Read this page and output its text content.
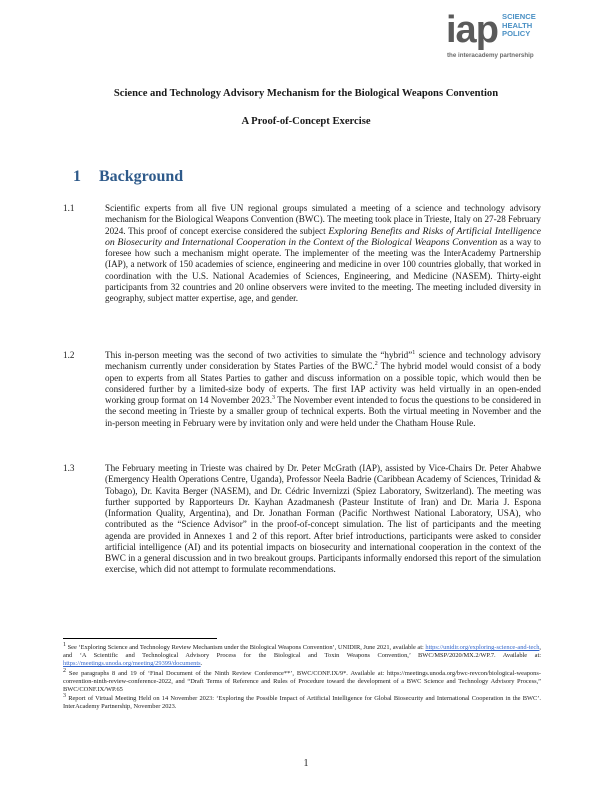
iap SCIENCE
HEALTH
POLICY
the interacademy partnership
Science and Technology Advisory Mechanism for the Biological Weapons Convention
A Proof-of-Concept Exercise
1 Background
1.1	Scientific experts from all five UN regional groups simulated a meeting of a science and technology advisory mechanism for the Biological Weapons Convention (BWC). The meeting took place in Trieste, Italy on 27-28 February 2024. This proof of concept exercise considered the subject Exploring Benefits and Risks of Artificial Intelligence on Biosecurity and International Cooperation in the Context of the Biological Weapons Convention as a way to foresee how such a mechanism might operate. The implementer of the meeting was the InterAcademy Partnership (IAP), a network of 150 academies of science, engineering and medicine in over 100 countries globally, that worked in coordination with the U.S. National Academies of Sciences, Engineering, and Medicine (NASEM). Thirty-eight participants from 32 countries and 20 online observers were invited to the meeting. The meeting included diversity in geography, subject matter expertise, age, and gender.
1.2	This in-person meeting was the second of two activities to simulate the “hybrid”$^1$ science and technology advisory mechanism currently under consideration by States Parties of the BWC.$^2$ The hybrid model would consist of a body open to experts from all States Parties to gather and discuss information on a possible topic, which would then be considered further by a limited-size body of experts. The first IAP activity was held virtually in an open-ended working group format on 14 November 2023.$^3$ The November event intended to focus the questions to be considered in the second meeting in Trieste by a smaller group of technical experts. Both the virtual meeting in November and the in-person meeting in February were by invitation only and were held under the Chatham House Rule.
1.3	The February meeting in Trieste was chaired by Dr. Peter McGrath (IAP), assisted by Vice-Chairs Dr. Peter Ahabwe (Emergency Health Operations Centre, Uganda), Professor Neela Badrie (Caribbean Academy of Sciences, Trinidad & Tobago), Dr. Kavita Berger (NASEM), and Dr. Cédric Invernizzi (Spiez Laboratory, Switzerland). The meeting was further supported by Rapporteurs Dr. Kayhan Azadmanesh (Pasteur Institute of Iran) and Dr. Maria J. Espona (Information Quality, Argentina), and Dr. Jonathan Forman (Pacific Northwest National Laboratory, USA), who contributed as the “Science Advisor” in the proof-of-concept simulation. The list of participants and the meeting agenda are provided in Annexes 1 and 2 of this report. After brief introductions, participants were asked to consider artificial intelligence (AI) and its potential impacts on biosecurity and international cooperation in the context of the BWC in a general discussion and in two breakout groups. Participants informally endorsed this report of the simulation exercise, which did not attempt to formulate recommendations.
$^1$ See ‘Exploring Science and Technology Review Mechanism under the Biological Weapons Convention’, UNIDIR, June 2021, available at: https://unidir.org/exploring-science-and-tech, and ‘A Scientific and Technological Advisory Process for the Biological and Toxin Weapons Convention,’ BWC/MSP/2020/MX.2/WP.7. Available at: https://meetings.unoda.org/meeting/29399/documents.
$^2$ See paragraphs 8 and 19 of ‘Final Document of the Ninth Review Conference**’, BWC/CONF.IX/9*. Available at: https://meetings.unoda.org/bwc-revcon/biological-weapons-convention-ninth-review-conference-2022, and “Draft Terms of Reference and Rules of Procedure toward the development of a BWC Science and Technology Advisory Process,” BWC/CONF.IX/WP.65
$^3$ Report of Virtual Meeting Held on 14 November 2023: ‘Exploring the Possible Impact of Artificial Intelligence for Global Biosecurity and International Cooperation in the BWC’. InterAcademy Partnership, November 2023.
1
